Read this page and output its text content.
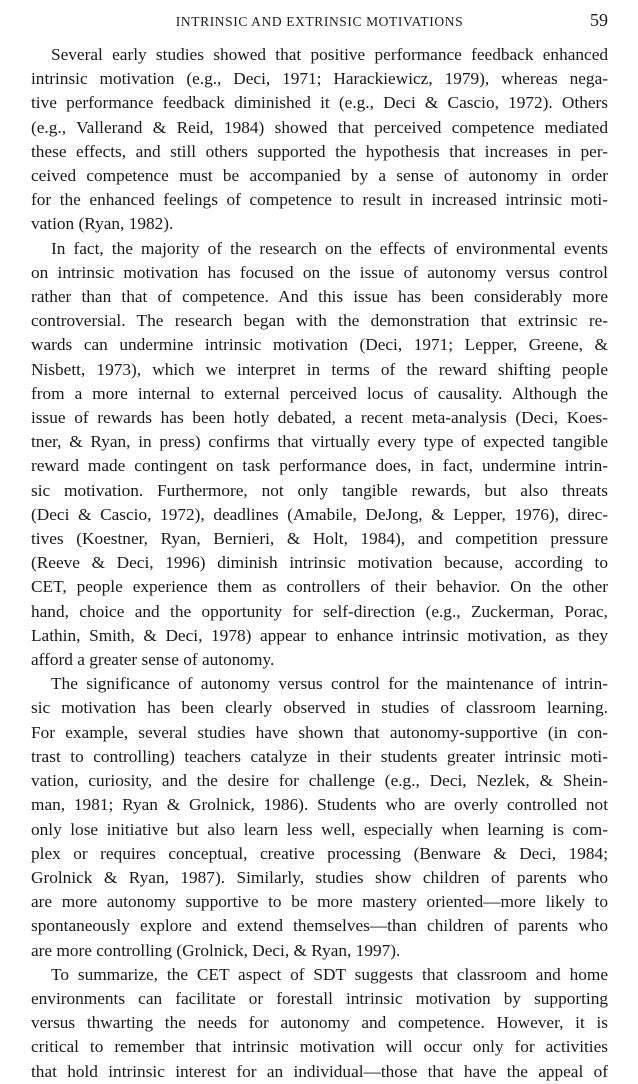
INTRINSIC AND EXTRINSIC MOTIVATIONS	59
Several early studies showed that positive performance feedback enhanced
intrinsic motivation (e.g., Deci, 1971; Harackiewicz, 1979), whereas nega-
tive performance feedback diminished it (e.g., Deci & Cascio, 1972). Others
(e.g., Vallerand & Reid, 1984) showed that perceived competence mediated
these effects, and still others supported the hypothesis that increases in per-
ceived competence must be accompanied by a sense of autonomy in order
for the enhanced feelings of competence to result in increased intrinsic moti-
vation (Ryan, 1982).
In fact, the majority of the research on the effects of environmental events
on intrinsic motivation has focused on the issue of autonomy versus control
rather than that of competence. And this issue has been considerably more
controversial. The research began with the demonstration that extrinsic re-
wards can undermine intrinsic motivation (Deci, 1971; Lepper, Greene, &
Nisbett, 1973), which we interpret in terms of the reward shifting people
from a more internal to external perceived locus of causality. Although the
issue of rewards has been hotly debated, a recent meta-analysis (Deci, Koes-
tner, & Ryan, in press) confirms that virtually every type of expected tangible
reward made contingent on task performance does, in fact, undermine intrin-
sic motivation. Furthermore, not only tangible rewards, but also threats
(Deci & Cascio, 1972), deadlines (Amabile, DeJong, & Lepper, 1976), direc-
tives (Koestner, Ryan, Bernieri, & Holt, 1984), and competition pressure
(Reeve & Deci, 1996) diminish intrinsic motivation because, according to
CET, people experience them as controllers of their behavior. On the other
hand, choice and the opportunity for self-direction (e.g., Zuckerman, Porac,
Lathin, Smith, & Deci, 1978) appear to enhance intrinsic motivation, as they
afford a greater sense of autonomy.
The significance of autonomy versus control for the maintenance of intrin-
sic motivation has been clearly observed in studies of classroom learning.
For example, several studies have shown that autonomy-supportive (in con-
trast to controlling) teachers catalyze in their students greater intrinsic moti-
vation, curiosity, and the desire for challenge (e.g., Deci, Nezlek, & Shein-
man, 1981; Ryan & Grolnick, 1986). Students who are overly controlled not
only lose initiative but also learn less well, especially when learning is com-
plex or requires conceptual, creative processing (Benware & Deci, 1984;
Grolnick & Ryan, 1987). Similarly, studies show children of parents who
are more autonomy supportive to be more mastery oriented—more likely to
spontaneously explore and extend themselves—than children of parents who
are more controlling (Grolnick, Deci, & Ryan, 1997).
To summarize, the CET aspect of SDT suggests that classroom and home
environments can facilitate or forestall intrinsic motivation by supporting
versus thwarting the needs for autonomy and competence. However, it is
critical to remember that intrinsic motivation will occur only for activities
that hold intrinsic interest for an individual—those that have the appeal of
